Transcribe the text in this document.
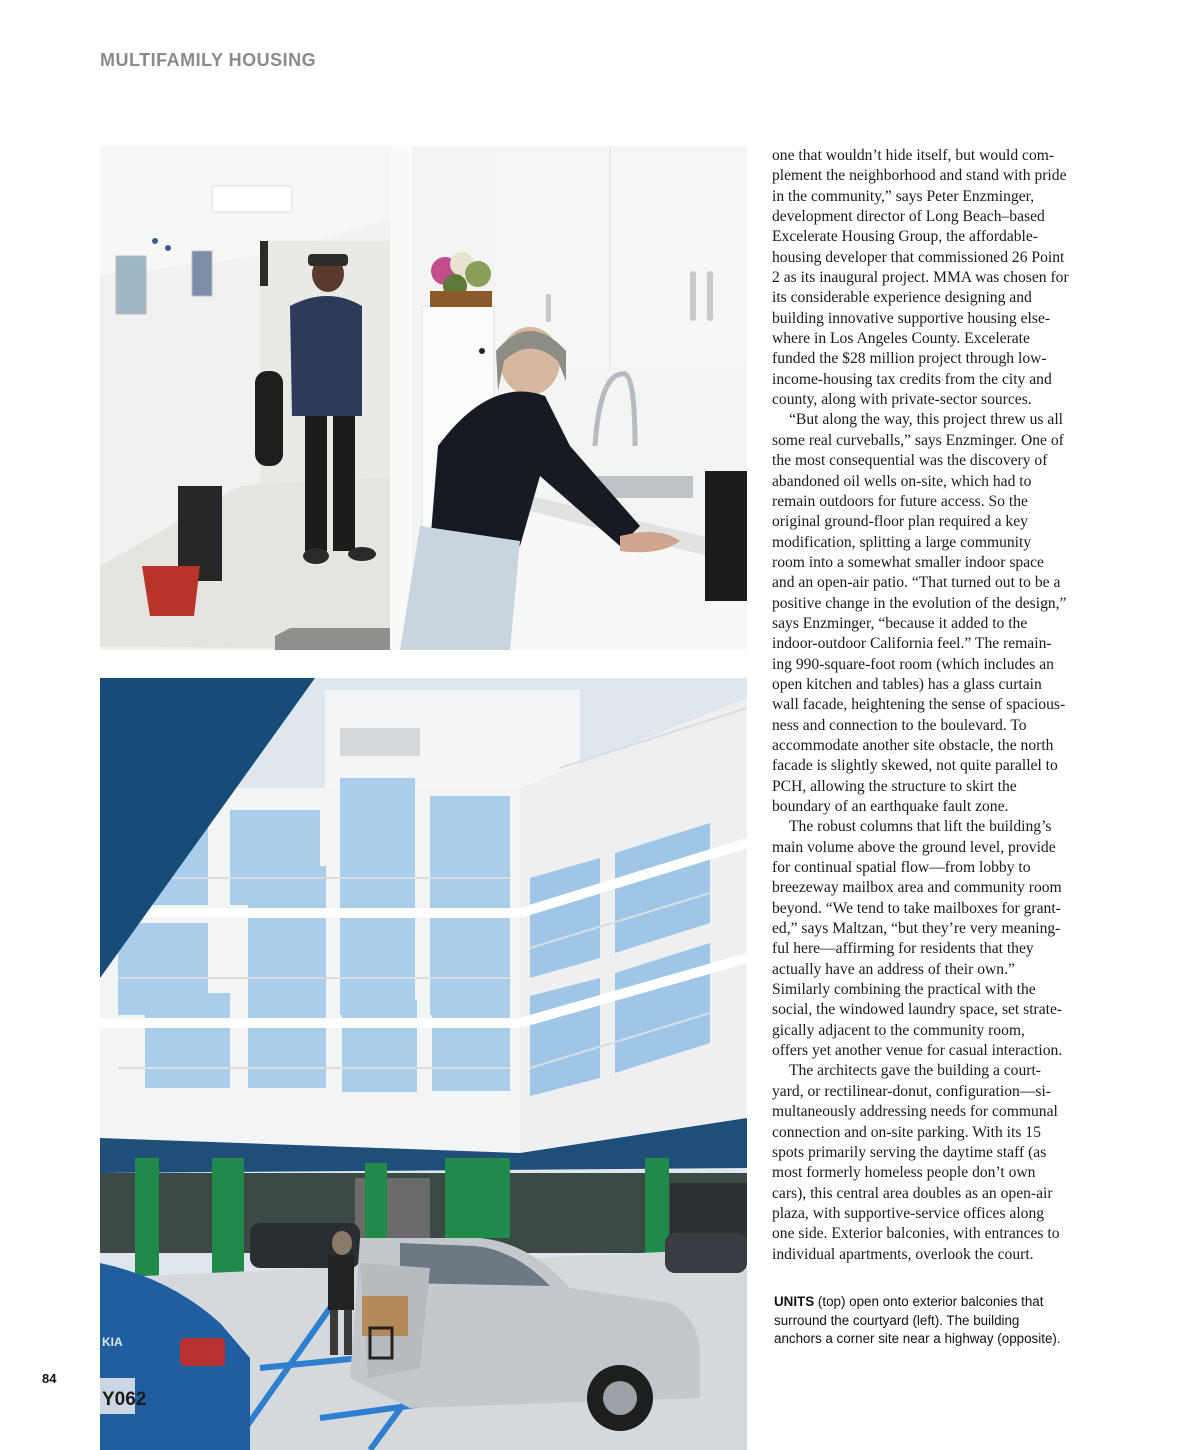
MULTIFAMILY HOUSING
Y062
KIA
one that wouldn’t hide itself, but would com-
plement the neighborhood and stand with pride
in the community,” says Peter Enzminger,
development director of Long Beach–based
Excelerate Housing Group, the affordable-
housing developer that commissioned 26 Point
2 as its inaugural project. MMA was chosen for
its considerable experience designing and
building innovative supportive housing else-
where in Los Angeles County. Excelerate
funded the $28 million project through low-
income-housing tax credits from the city and
county, along with private-sector sources.
“But along the way, this project threw us all
some real curveballs,” says Enzminger. One of
the most consequential was the discovery of
abandoned oil wells on-site, which had to
remain outdoors for future access. So the
original ground-floor plan required a key
modification, splitting a large community
room into a somewhat smaller indoor space
and an open-air patio. “That turned out to be a
positive change in the evolution of the design,”
says Enzminger, “because it added to the
indoor-outdoor California feel.” The remain-
ing 990-square-foot room (which includes an
open kitchen and tables) has a glass curtain
wall facade, heightening the sense of spacious-
ness and connection to the boulevard. To
accommodate another site obstacle, the north
facade is slightly skewed, not quite parallel to
PCH, allowing the structure to skirt the
boundary of an earthquake fault zone.
The robust columns that lift the building’s
main volume above the ground level, provide
for continual spatial flow—from lobby to
breezeway mailbox area and community room
beyond. “We tend to take mailboxes for grant-
ed,” says Maltzan, “but they’re very meaning-
ful here—affirming for residents that they
actually have an address of their own.”
Similarly combining the practical with the
social, the windowed laundry space, set strate-
gically adjacent to the community room,
offers yet another venue for casual interaction.
The architects gave the building a court-
yard, or rectilinear-donut, configuration—si-
multaneously addressing needs for communal
connection and on-site parking. With its 15
spots primarily serving the daytime staff (as
most formerly homeless people don’t own
cars), this central area doubles as an open-air
plaza, with supportive-service offices along
one side. Exterior balconies, with entrances to
individual apartments, overlook the court.
UNITS (top) open onto exterior balconies that
surround the courtyard (left). The building
anchors a corner site near a highway (opposite).
84
